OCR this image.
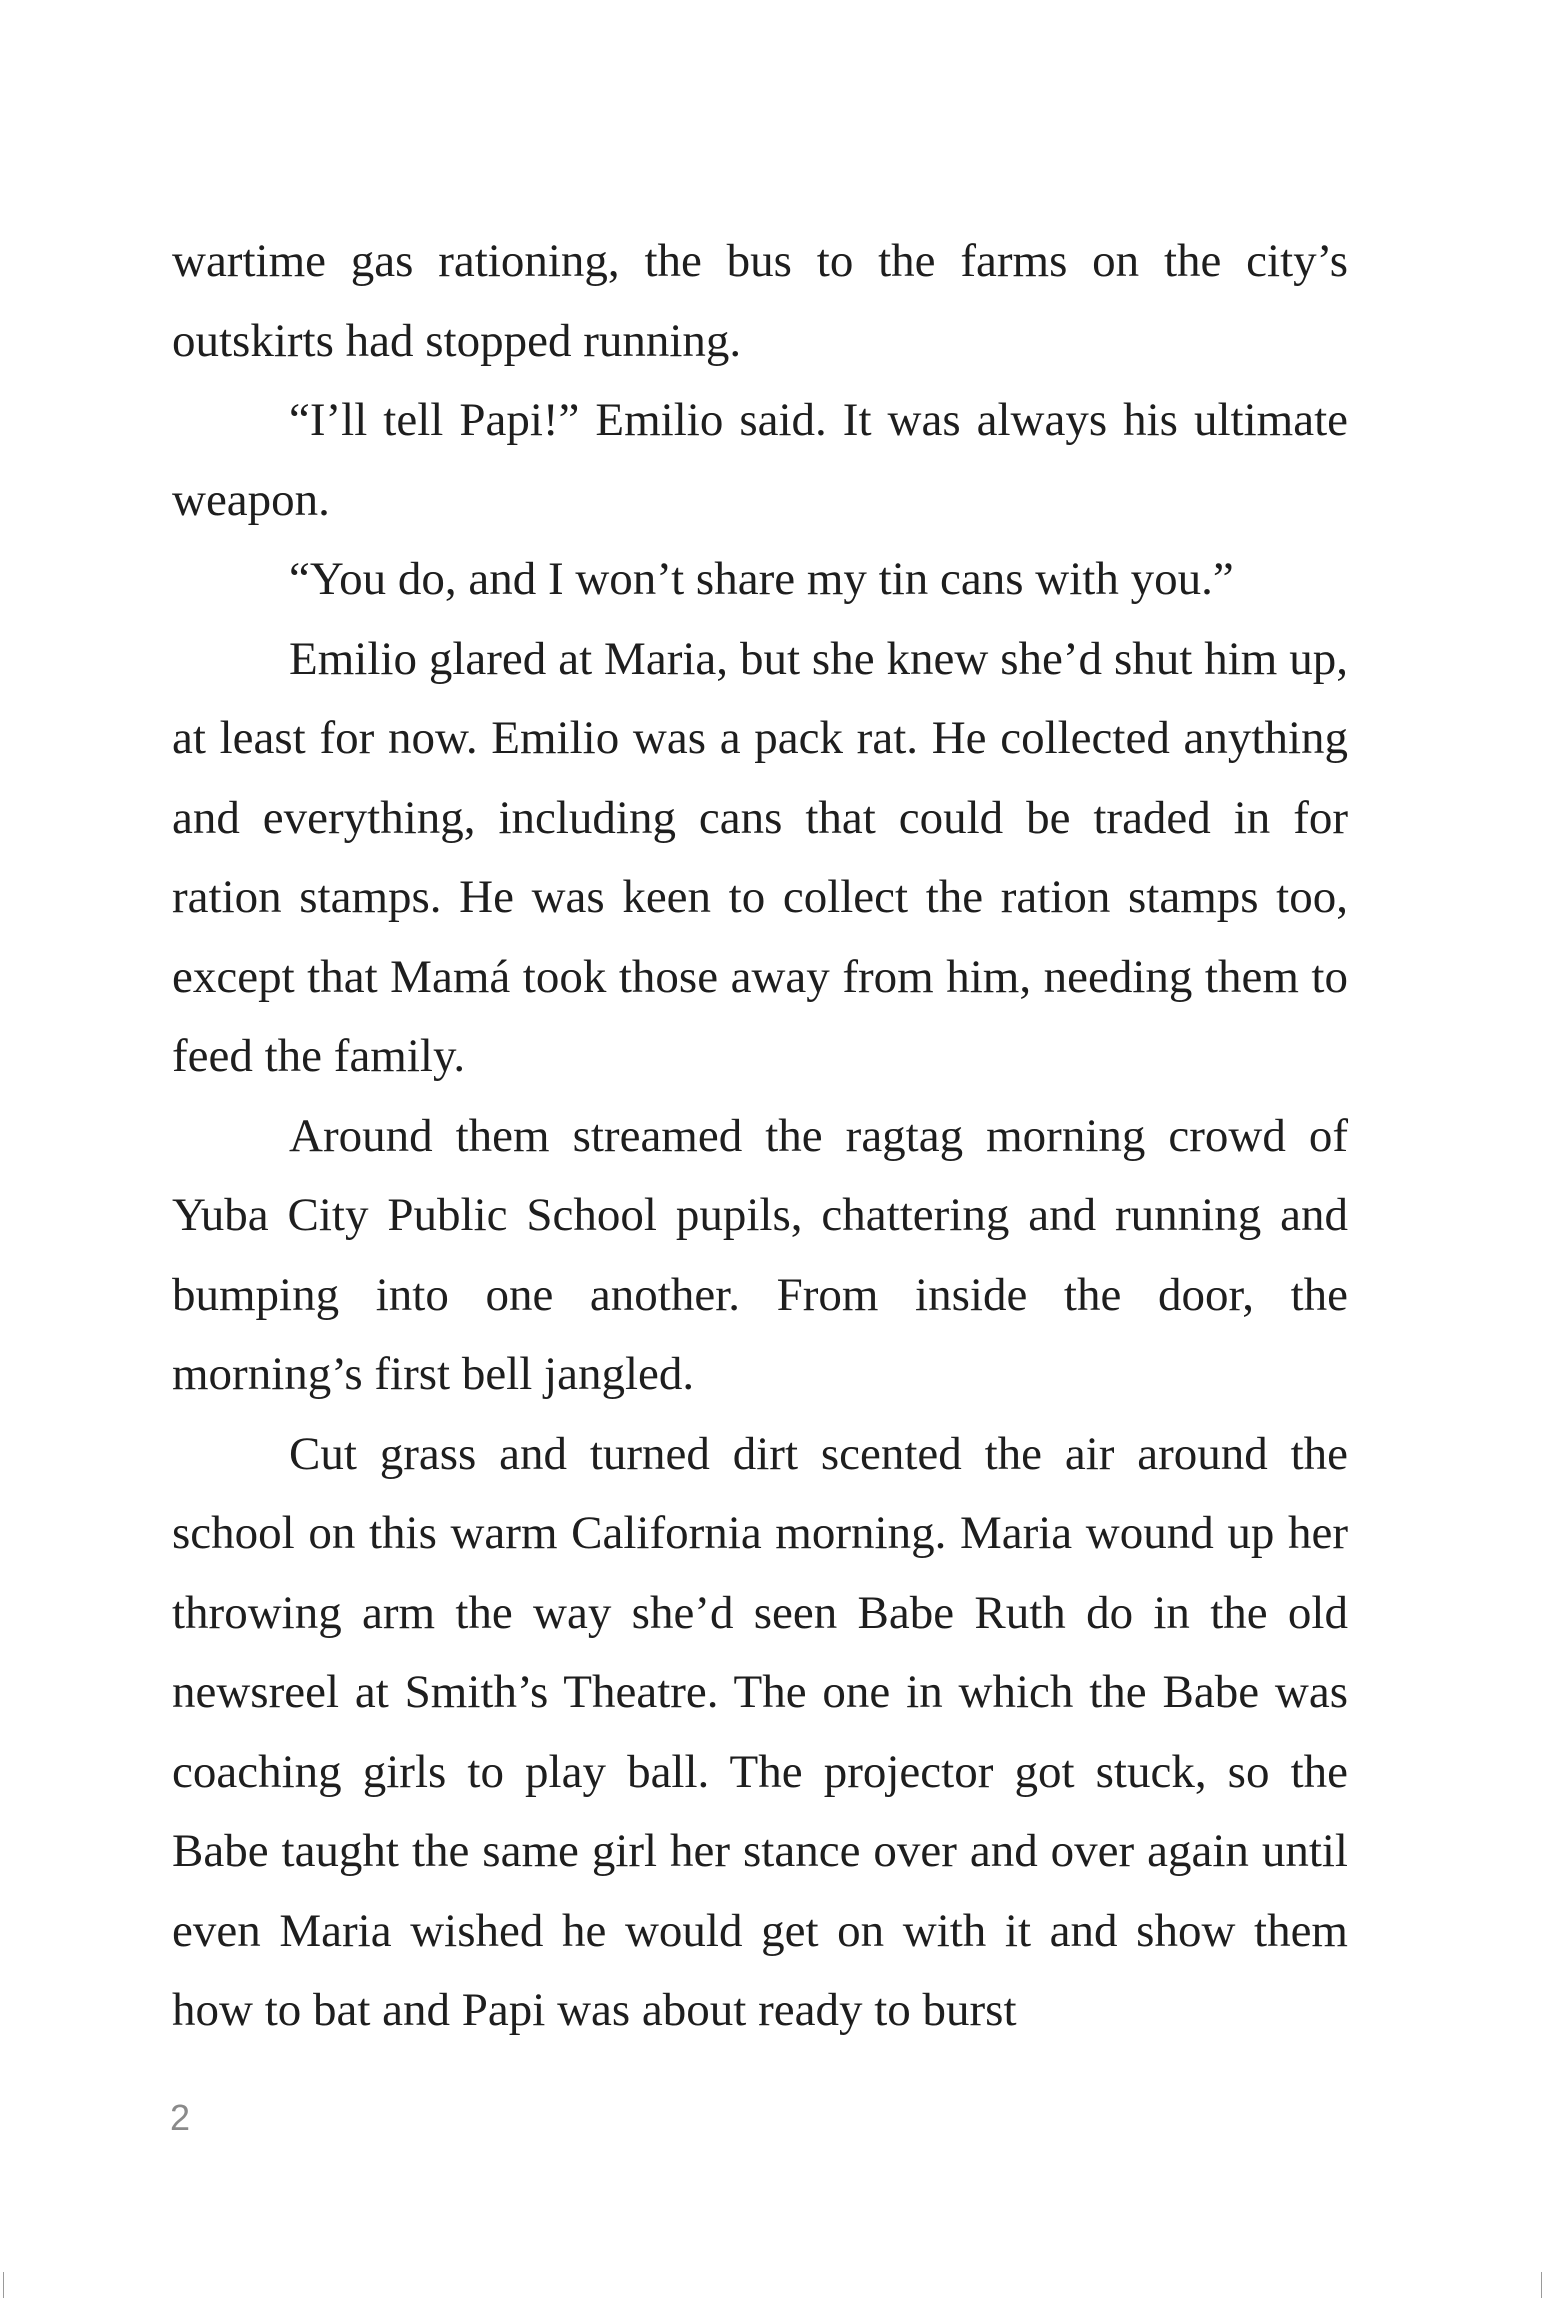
wartime gas rationing, the bus to the farms on the city’s outskirts had stopped running.

“I’ll tell Papi!” Emilio said. It was always his ultimate weapon.

“You do, and I won’t share my tin cans with you.”

Emilio glared at Maria, but she knew she’d shut him up, at least for now. Emilio was a pack rat. He collected anything and everything, including cans that could be traded in for ration stamps. He was keen to collect the ration stamps too, except that Mamá took those away from him, needing them to feed the family.

Around them streamed the ragtag morning crowd of Yuba City Public School pupils, chattering and running and bumping into one another. From inside the door, the morning’s first bell jangled.

Cut grass and turned dirt scented the air around the school on this warm California morning. Maria wound up her throwing arm the way she’d seen Babe Ruth do in the old newsreel at Smith’s Theatre. The one in which the Babe was coaching girls to play ball. The projector got stuck, so the Babe taught the same girl her stance over and over again until even Maria wished he would get on with it and show them how to bat and Papi was about ready to burst

2
